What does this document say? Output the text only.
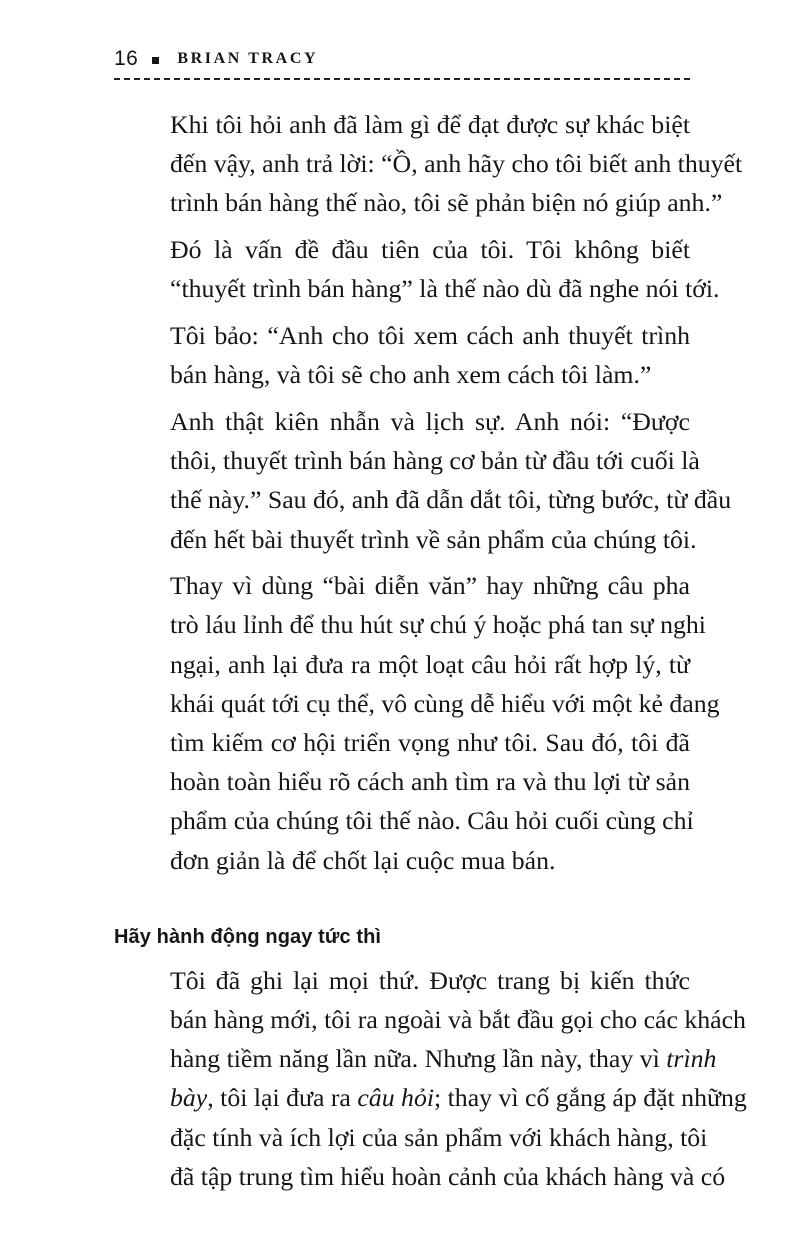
16 BRIAN TRACY

Khi tôi hỏi anh đã làm gì để đạt được sự khác biệt
đến vậy, anh trả lời: “Ồ, anh hãy cho tôi biết anh thuyết
trình bán hàng thế nào, tôi sẽ phản biện nó giúp anh.”

Đó là vấn đề đầu tiên của tôi. Tôi không biết
“thuyết trình bán hàng” là thế nào dù đã nghe nói tới.

Tôi bảo: “Anh cho tôi xem cách anh thuyết trình
bán hàng, và tôi sẽ cho anh xem cách tôi làm.”

Anh thật kiên nhẫn và lịch sự. Anh nói: “Được
thôi, thuyết trình bán hàng cơ bản từ đầu tới cuối là
thế này.” Sau đó, anh đã dẫn dắt tôi, từng bước, từ đầu
đến hết bài thuyết trình về sản phẩm của chúng tôi.

Thay vì dùng “bài diễn văn” hay những câu pha
trò láu lỉnh để thu hút sự chú ý hoặc phá tan sự nghi
ngại, anh lại đưa ra một loạt câu hỏi rất hợp lý, từ
khái quát tới cụ thể, vô cùng dễ hiểu với một kẻ đang
tìm kiếm cơ hội triển vọng như tôi. Sau đó, tôi đã
hoàn toàn hiểu rõ cách anh tìm ra và thu lợi từ sản
phẩm của chúng tôi thế nào. Câu hỏi cuối cùng chỉ
đơn giản là để chốt lại cuộc mua bán.

Hãy hành động ngay tức thì

Tôi đã ghi lại mọi thứ. Được trang bị kiến thức
bán hàng mới, tôi ra ngoài và bắt đầu gọi cho các khách
hàng tiềm năng lần nữa. Nhưng lần này, thay vì trình
bày, tôi lại đưa ra câu hỏi; thay vì cố gắng áp đặt những
đặc tính và ích lợi của sản phẩm với khách hàng, tôi
đã tập trung tìm hiểu hoàn cảnh của khách hàng và có
